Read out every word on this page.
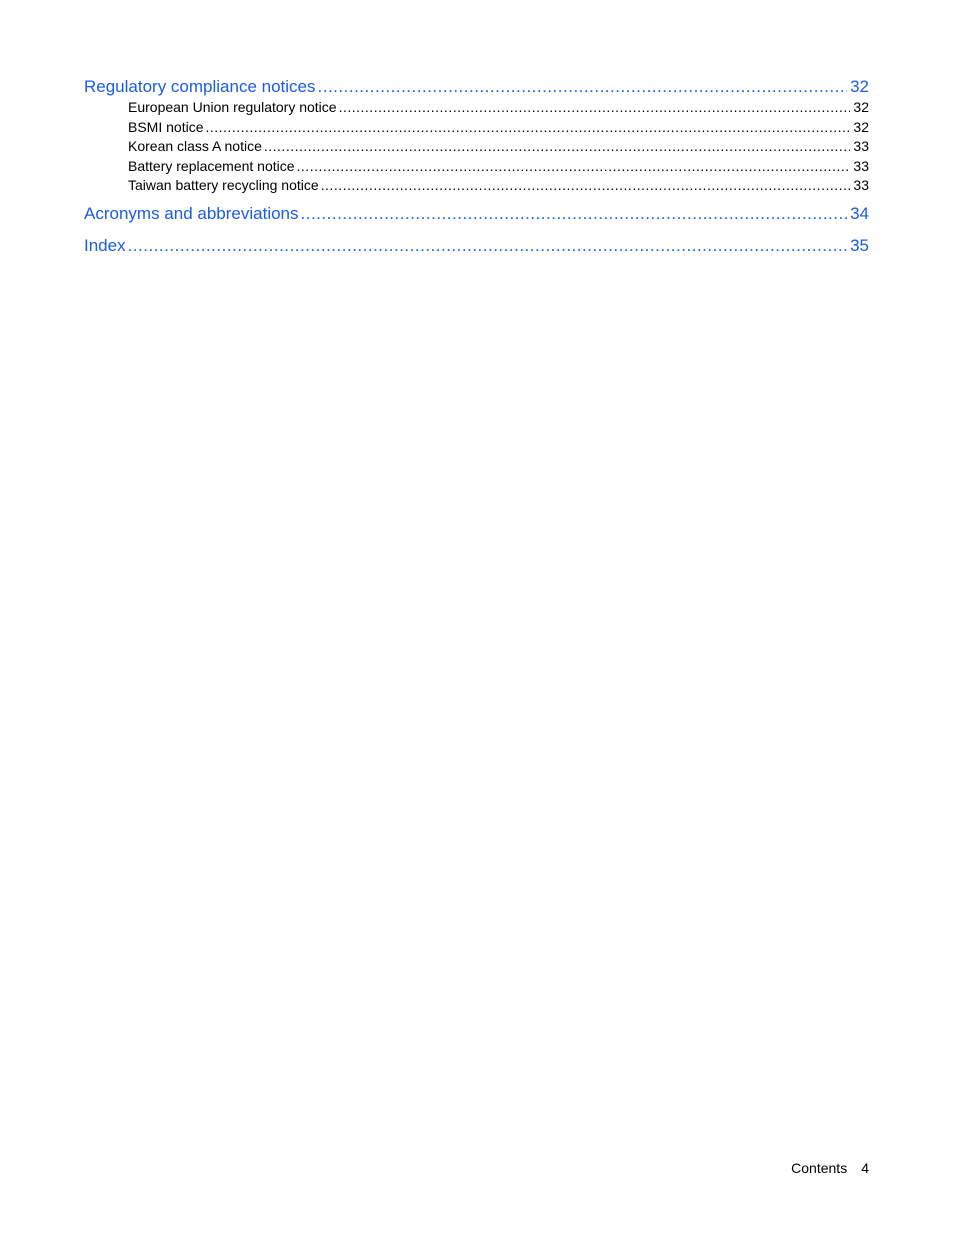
Regulatory compliance notices .....	32
European Union regulatory notice .....	32
BSMI notice .....	32
Korean class A notice .....	33
Battery replacement notice .....	33
Taiwan battery recycling notice .....	33
Acronyms and abbreviations .....	34
Index .....	35
Contents 4
